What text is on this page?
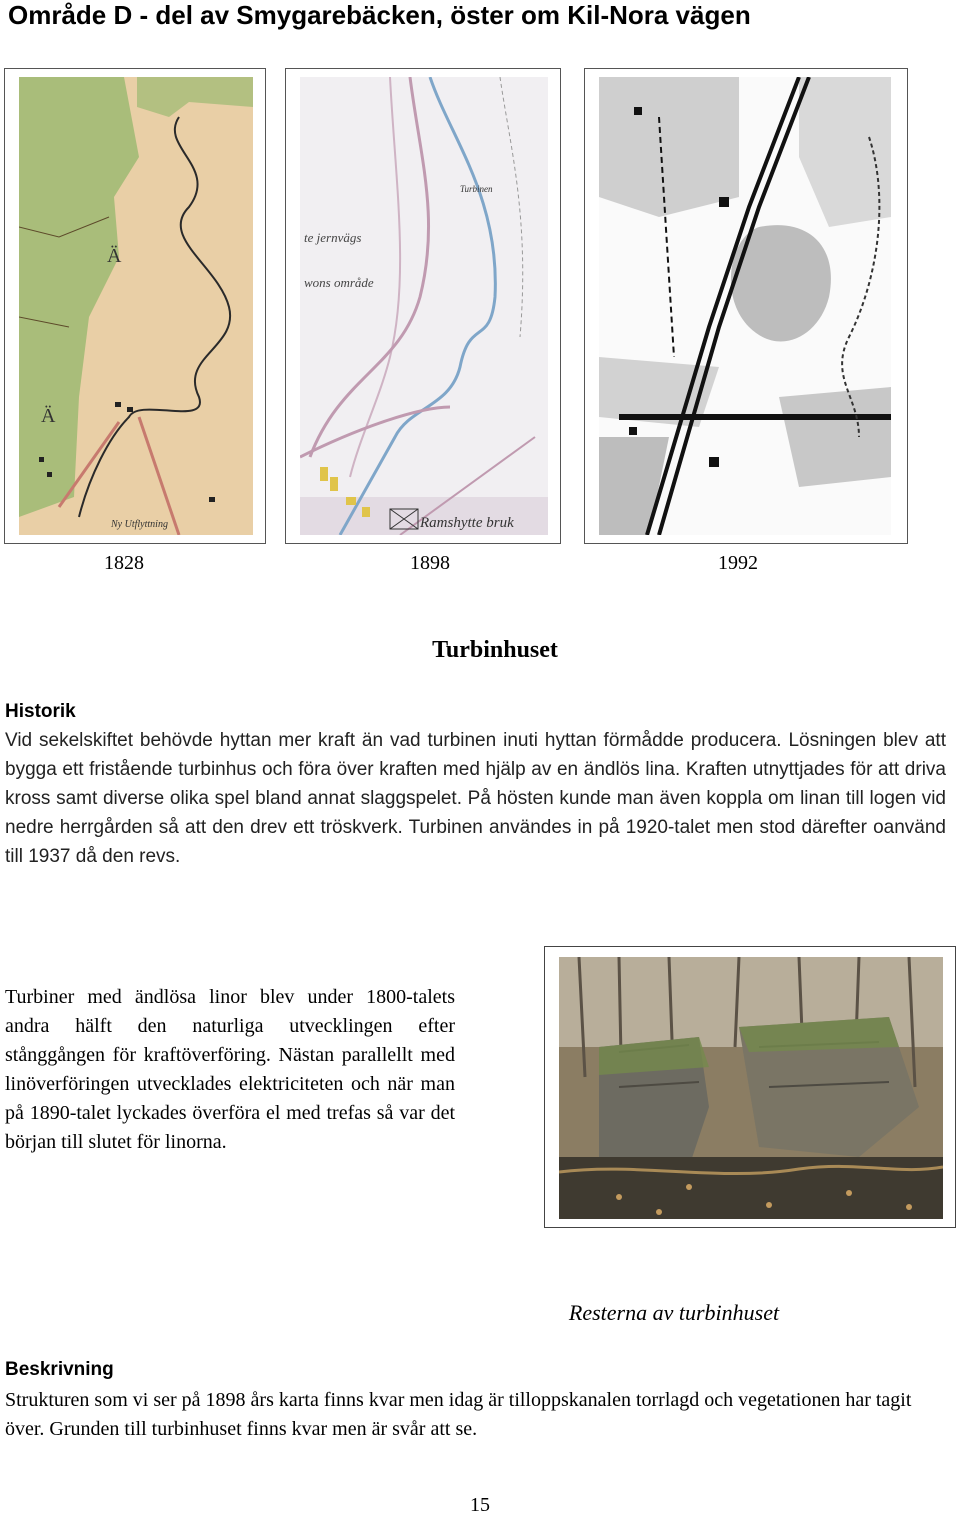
Område D - del av Smygarebäcken, öster om Kil-Nora vägen
Ä
Ä
Ny Utflyttning
Turbinen
te jernvägs
wons område
Ramshytte bruk
1828	1898	1992
Turbinhuset
Historik
Vid sekelskiftet behövde hyttan mer kraft än vad turbinen inuti hyttan förmådde producera. Lösningen blev att bygga ett fristående turbinhus och föra över kraften med hjälp av en ändlös lina. Kraften utnyttjades för att driva kross samt diverse olika spel bland annat slaggspelet. På hösten kunde man även koppla om linan till logen vid nedre herrgården så att den drev ett tröskverk. Turbinen användes in på 1920-talet men stod därefter oanvänd till 1937 då den revs.
Turbiner med ändlösa linor blev under 1800-talets andra hälft den naturliga utvecklingen efter stånggången för kraftöverföring. Nästan parallellt med linöverföringen utvecklades elektriciteten och när man på 1890-talet lyckades överföra el med trefas så var det början till slutet för linorna.
Resterna av turbinhuset
Beskrivning
Strukturen som vi ser på 1898 års karta finns kvar men idag är tilloppskanalen torrlagd och vegetationen har tagit över. Grunden till turbinhuset finns kvar men är svår att se.
15
